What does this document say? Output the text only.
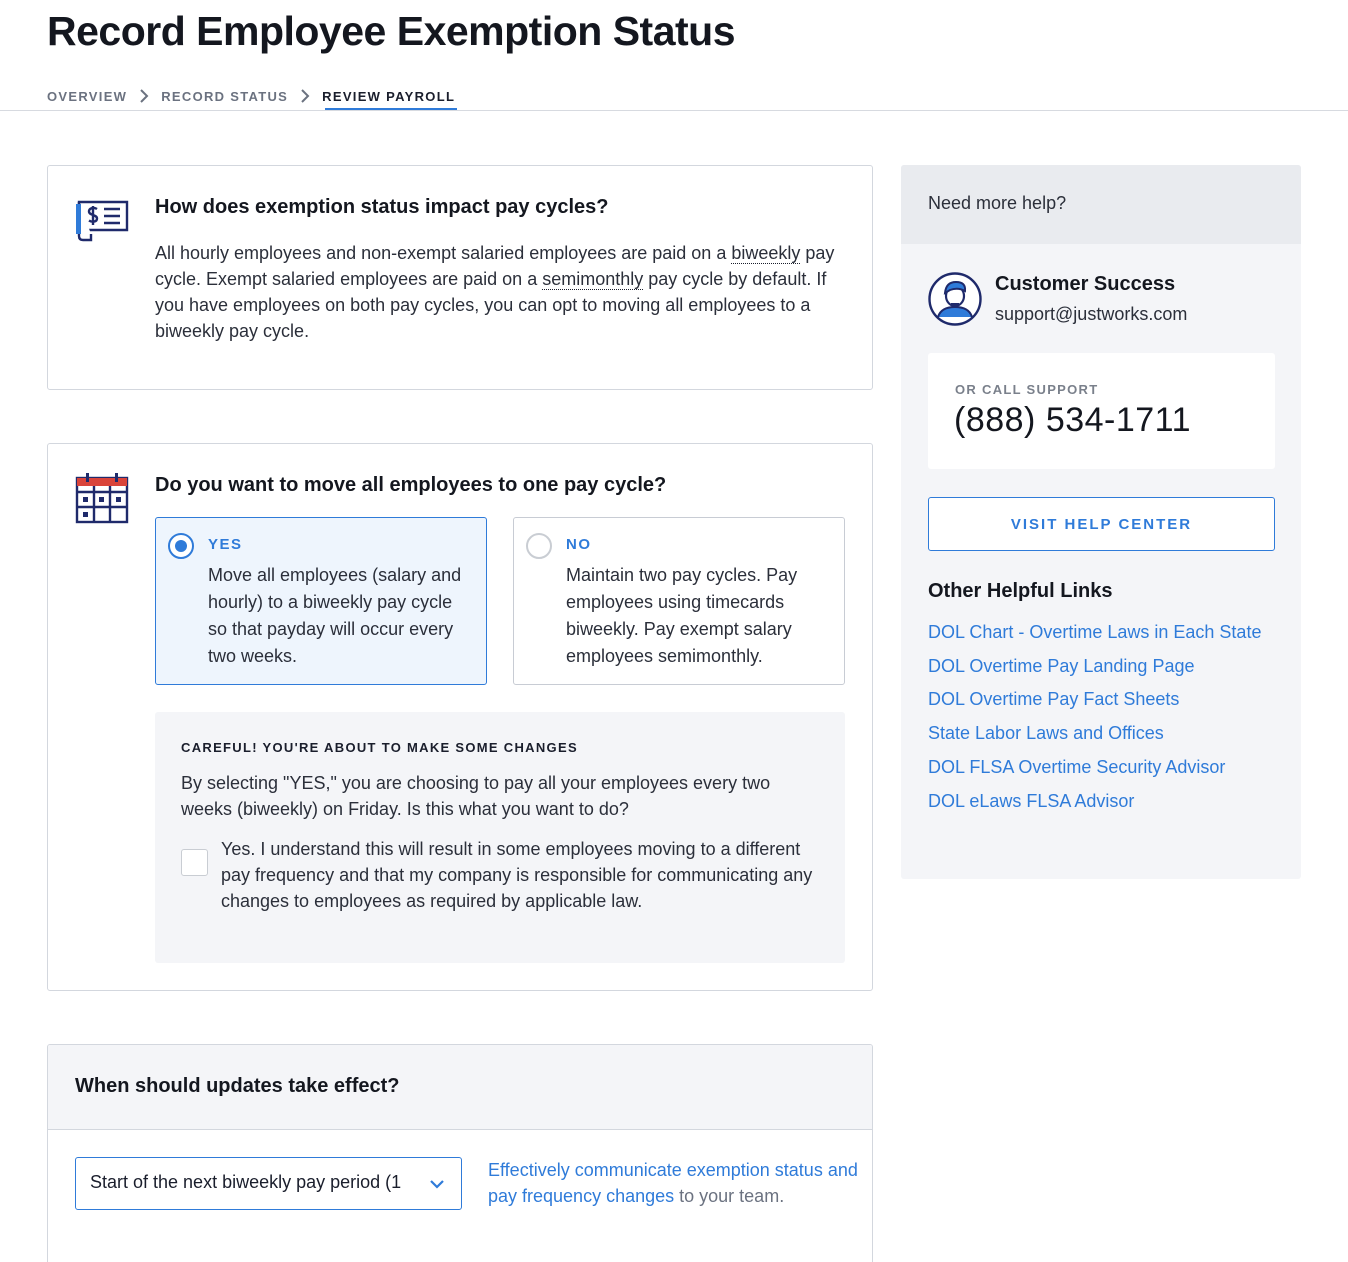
Record Employee Exemption Status
OVERVIEW	RECORD STATUS	REVIEW PAYROLL
How does exemption status impact pay cycles?

All hourly employees and non-exempt salaried employees are paid on a biweekly pay cycle. Exempt salaried employees are paid on a semimonthly pay cycle by default. If you have employees on both pay cycles, you can opt to moving all employees to a biweekly pay cycle.

Do you want to move all employees to one pay cycle?
YES

Move all employees (salary and hourly) to a biweekly pay cycle so that payday will occur every two weeks.

NO

Maintain two pay cycles. Pay employees using timecards biweekly. Pay exempt salary employees semimonthly.

CAREFUL! YOU'RE ABOUT TO MAKE SOME CHANGES

By selecting "YES," you are choosing to pay all your employees every two weeks (biweekly) on Friday. Is this what you want to do?

Yes. I understand this will result in some employees moving to a different pay frequency and that my company is responsible for communicating any changes to employees as required by applicable law.

When should updates take effect?
Start of the next biweekly pay period (1

Effectively communicate exemption status and pay frequency changes to your team.

Need more help?
Customer Success
support@justworks.com
OR CALL SUPPORT
(888) 534-1711
VISIT HELP CENTER
Other Helpful Links
DOL Chart - Overtime Laws in Each State
DOL Overtime Pay Landing Page
DOL Overtime Pay Fact Sheets
State Labor Laws and Offices
DOL FLSA Overtime Security Advisor
DOL eLaws FLSA Advisor
